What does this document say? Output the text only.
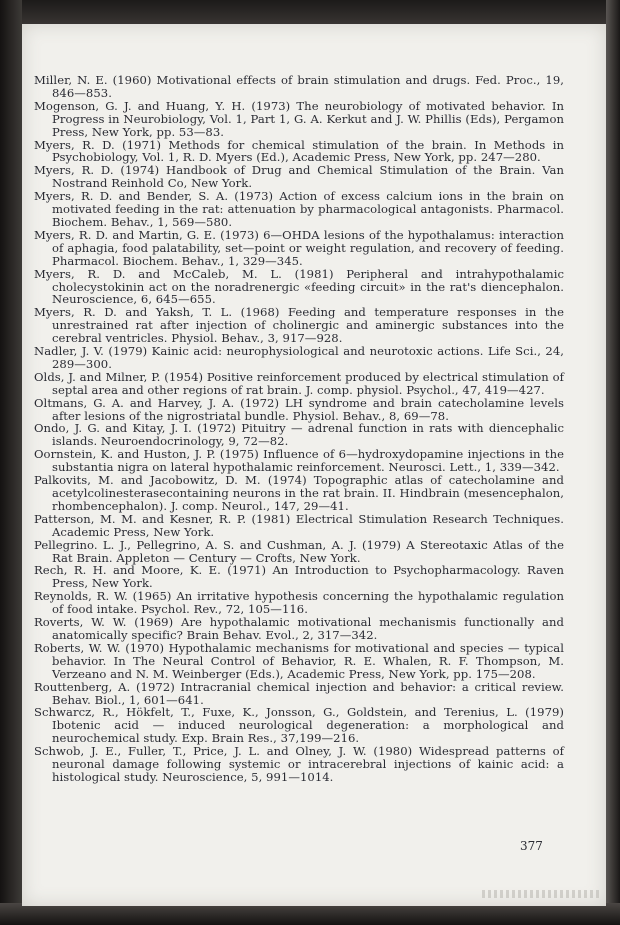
Miller, N. E. (1960) Motivational effects of brain stimulation and drugs. Fed. Proc., 19, 846—853.
Mogenson, G. J. and Huang, Y. H. (1973) The neurobiology of motivated behavior. In Progress in Neurobiology, Vol. 1, Part 1, G. A. Kerkut and J. W. Phillis (Eds), Pergamon Press, New York, pp. 53—83.
Myers, R. D. (1971) Methods for chemical stimulation of the brain. In Methods in Psychobiology, Vol. 1, R. D. Myers (Ed.), Academic Press, New York, pp. 247—280.
Myers, R. D. (1974) Handbook of Drug and Chemical Stimulation of the Brain. Van Nostrand Reinhold Co, New York.
Myers, R. D. and Bender, S. A. (1973) Action of excess calcium ions in the brain on motivated feeding in the rat: attenuation by pharmacological antagonists. Pharmacol. Biochem. Behav., 1, 569—580.
Myers, R. D. and Martin, G. E. (1973) 6—OHDA lesions of the hypothalamus: interaction of aphagia, food palatability, set—point or weight regulation, and recovery of feeding. Pharmacol. Biochem. Behav., 1, 329—345.
Myers, R. D. and McCaleb, M. L. (1981) Peripheral and intrahypothalamic cholecystokinin act on the noradrenergic «feeding circuit» in the rat's diencephalon. Neuroscience, 6, 645—655.
Myers, R. D. and Yaksh, T. L. (1968) Feeding and temperature responses in the unrestrained rat after injection of cholinergic and aminergic substances into the cerebral ventricles. Physiol. Behav., 3, 917—928.
Nadler, J. V. (1979) Kainic acid: neurophysiological and neurotoxic actions. Life Sci., 24, 289—300.
Olds, J. and Milner, P. (1954) Positive reinforcement produced by electrical stimulation of septal area and other regions of rat brain. J. comp. physiol. Psychol., 47, 419—427.
Oltmans, G. A. and Harvey, J. A. (1972) LH syndrome and brain catecholamine levels after lesions of the nigrostriatal bundle. Physiol. Behav., 8, 69—78.
Ondo, J. G. and Kitay, J. I. (1972) Pituitry — adrenal function in rats with diencephalic islands. Neuroendocrinology, 9, 72—82.
Oornstein, K. and Huston, J. P. (1975) Influence of 6—hydroxydopamine injections in the substantia nigra on lateral hypothalamic reinforcement. Neurosci. Lett., 1, 339—342.
Palkovits, M. and Jacobowitz, D. M. (1974) Topographic atlas of catecholamine and acetylcolinesterasecontaining neurons in the rat brain. II. Hindbrain (mesencephalon, rhombencephalon). J. comp. Neurol., 147, 29—41.
Patterson, M. M. and Kesner, R. P. (1981) Electrical Stimulation Research Techniques. Academic Press, New York.
Pellegrino. L. J., Pellegrino, A. S. and Cushman, A. J. (1979) A Stereotaxic Atlas of the Rat Brain. Appleton — Century — Crofts, New York.
Rech, R. H. and Moore, K. E. (1971) An Introduction to Psychopharmacology. Raven Press, New York.
Reynolds, R. W. (1965) An irritative hypothesis concerning the hypothalamic regulation of food intake. Psychol. Rev., 72, 105—116.
Roverts, W. W. (1969) Are hypothalamic motivational mechanismis functionally and anatomically specific? Brain Behav. Evol., 2, 317—342.
Roberts, W. W. (1970) Hypothalamic mechanisms for motivational and species — typical behavior. In The Neural Control of Behavior, R. E. Whalen, R. F. Thompson, M. Verzeano and N. M. Weinberger (Eds.), Academic Press, New York, pp. 175—208.
Routtenberg, A. (1972) Intracranial chemical injection and behavior: a critical review. Behav. Biol., 1, 601—641.
Schwarcz, R., Hökfelt, T., Fuxe, K., Jonsson, G., Goldstein, and Terenius, L. (1979) Ibotenic acid — induced neurological degeneration: a morphological and neurochemical study. Exp. Brain Res., 37,199—216.
Schwob, J. E., Fuller, T., Price, J. L. and Olney, J. W. (1980) Widespread patterns of neuronal damage following systemic or intracerebral injections of kainic acid: a histological study. Neuroscience, 5, 991—1014.
377
